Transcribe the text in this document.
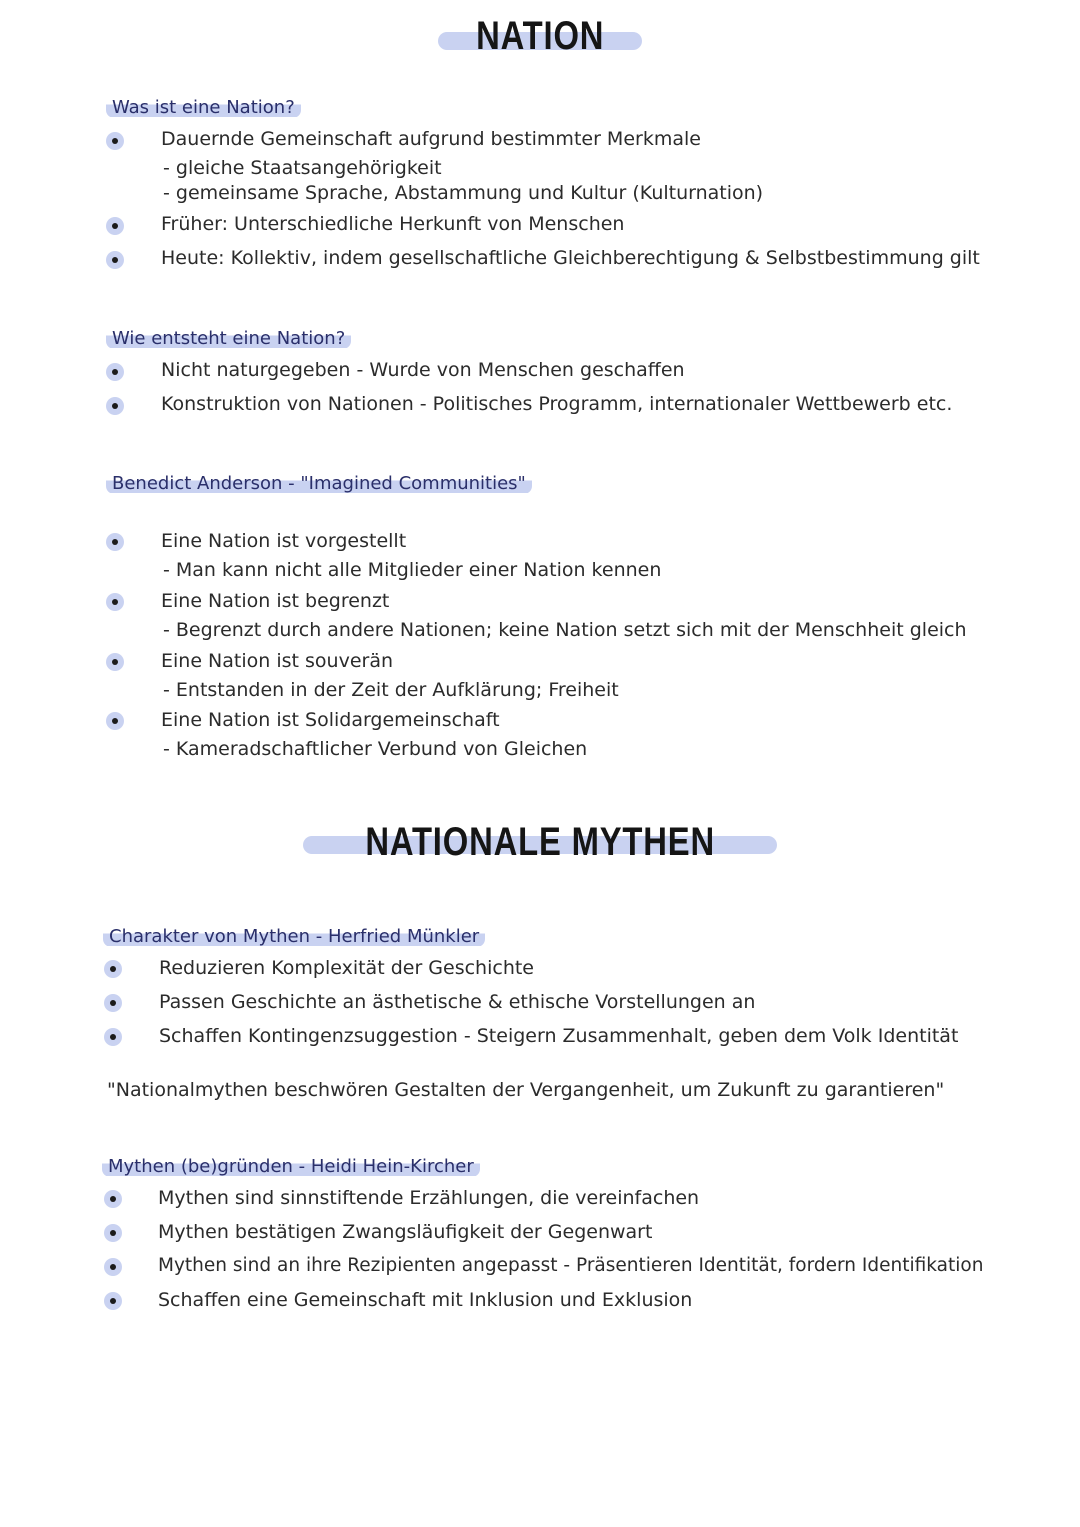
NATION
Was ist eine Nation?
Dauernde Gemeinschaft aufgrund bestimmter Merkmale
- gleiche Staatsangehörigkeit
- gemeinsame Sprache, Abstammung und Kultur (Kulturnation)
Früher: Unterschiedliche Herkunft von Menschen
Heute: Kollektiv, indem gesellschaftliche Gleichberechtigung & Selbstbestimmung gilt
Wie entsteht eine Nation?
Nicht naturgegeben - Wurde von Menschen geschaffen
Konstruktion von Nationen - Politisches Programm, internationaler Wettbewerb etc.
Benedict Anderson - "Imagined Communities"
Eine Nation ist vorgestellt
- Man kann nicht alle Mitglieder einer Nation kennen
Eine Nation ist begrenzt
- Begrenzt durch andere Nationen; keine Nation setzt sich mit der Menschheit gleich
Eine Nation ist souverän
- Entstanden in der Zeit der Aufklärung; Freiheit
Eine Nation ist Solidargemeinschaft
- Kameradschaftlicher Verbund von Gleichen
NATIONALE MYTHEN
Charakter von Mythen - Herfried Münkler
Reduzieren Komplexität der Geschichte
Passen Geschichte an ästhetische & ethische Vorstellungen an
Schaffen Kontingenzsuggestion - Steigern Zusammenhalt, geben dem Volk Identität
"Nationalmythen beschwören Gestalten der Vergangenheit, um Zukunft zu garantieren"
Mythen (be)gründen - Heidi Hein-Kircher
Mythen sind sinnstiftende Erzählungen, die vereinfachen
Mythen bestätigen Zwangsläufigkeit der Gegenwart
Mythen sind an ihre Rezipienten angepasst - Präsentieren Identität, fordern Identifikation
Schaffen eine Gemeinschaft mit Inklusion und Exklusion
